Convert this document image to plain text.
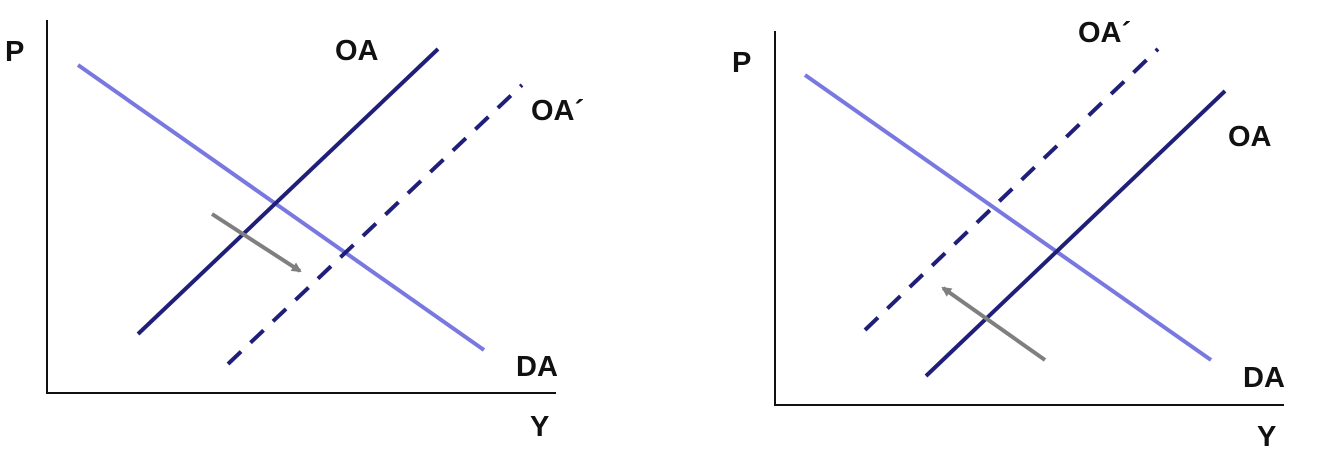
P
Y
OA
OA´
DA
P
Y
OA
OA´
DA
